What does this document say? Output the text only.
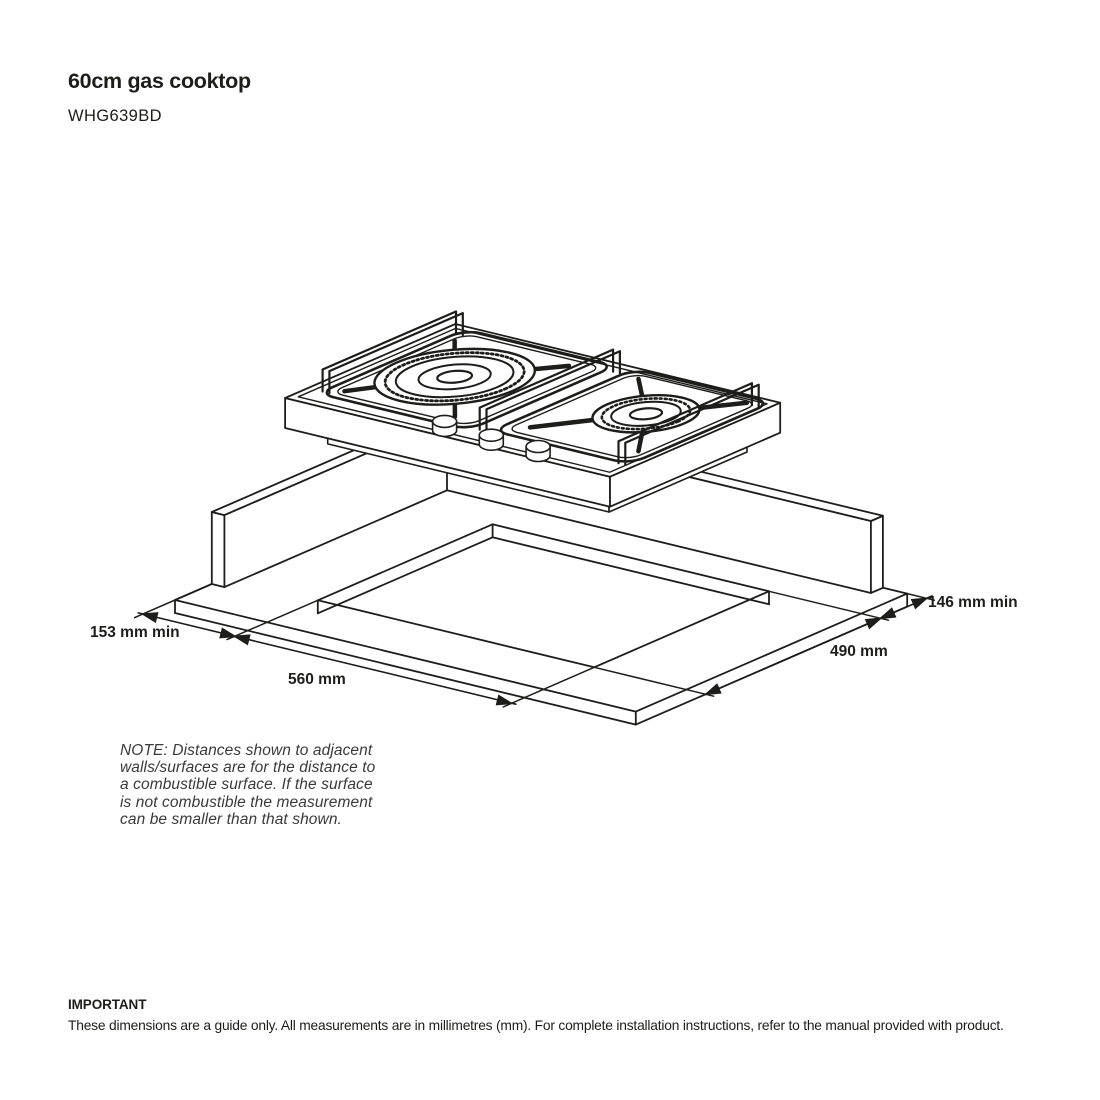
60cm gas cooktop
WHG639BD
153 mm min
560 mm
490 mm
146 mm min
NOTE: Distances shown to adjacent
walls/surfaces are for the distance to
a combustible surface. If the surface
is not combustible the measurement
can be smaller than that shown.
IMPORTANT
These dimensions are a guide only. All measurements are in millimetres (mm). For complete installation instructions, refer to the manual provided with product.
